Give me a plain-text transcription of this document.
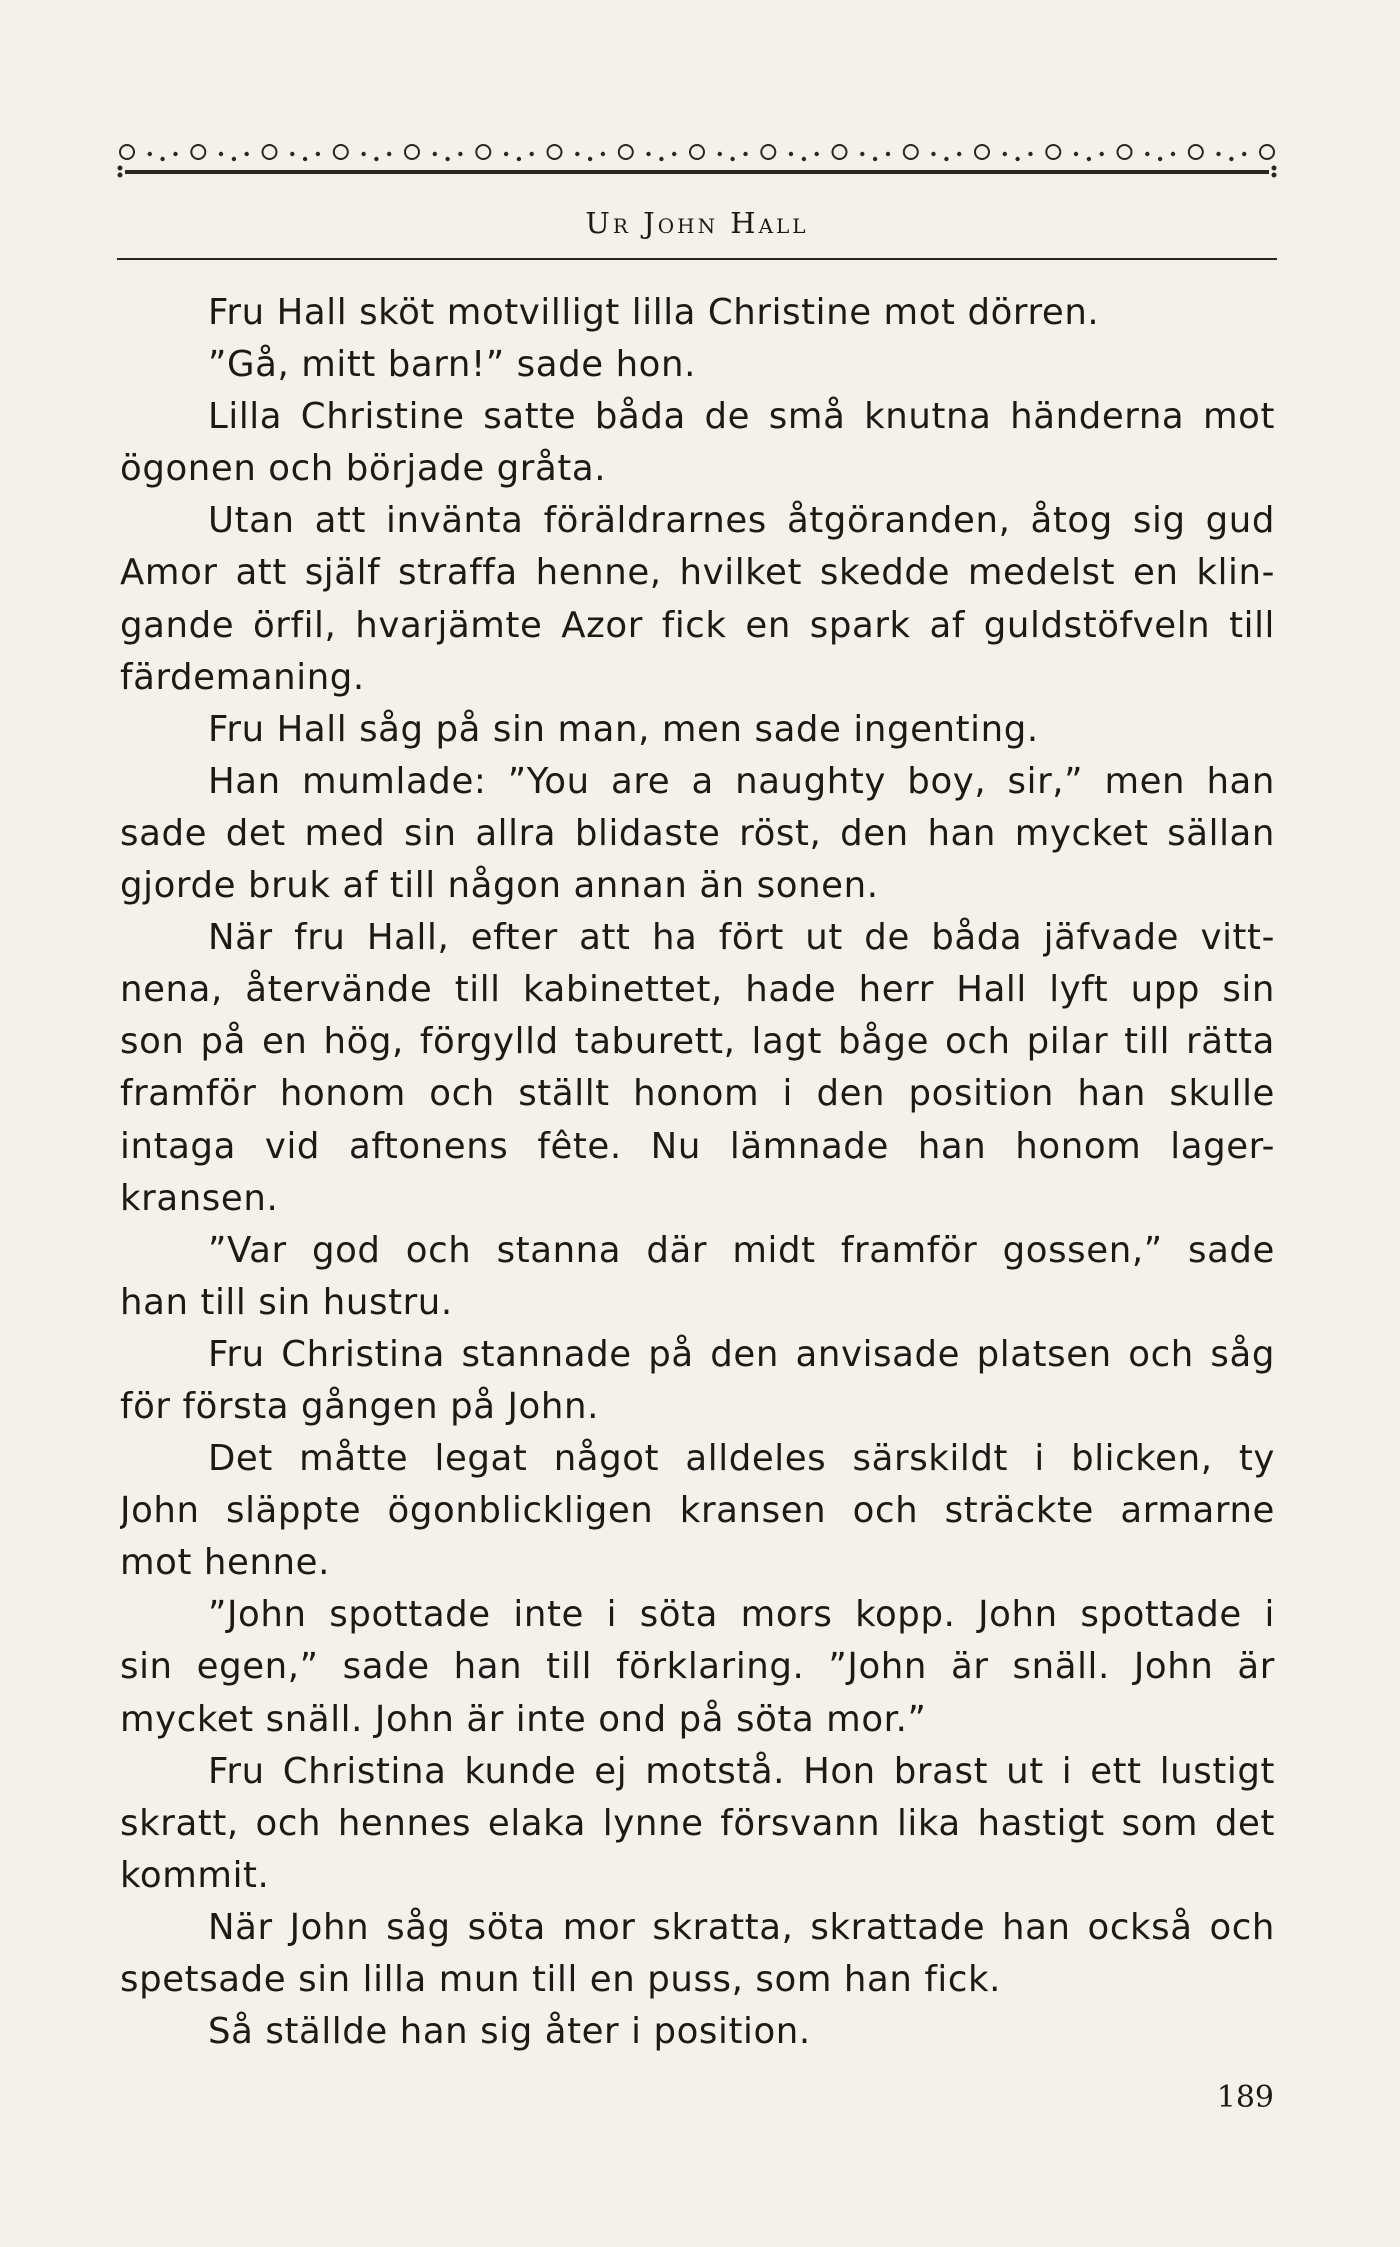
Ur John Hall
Fru Hall sköt motvilligt lilla Christine mot dörren.
”Gå, mitt barn!” sade hon.
Lilla Christine satte båda de små knutna händerna mot
ögonen och började gråta.
Utan att invänta föräldrarnes åtgöranden, åtog sig gud
Amor att själf straffa henne, hvilket skedde medelst en klin-
gande örfil, hvarjämte Azor fick en spark af guldstöfveln till
färdemaning.
Fru Hall såg på sin man, men sade ingenting.
Han mumlade: ”You are a naughty boy, sir,” men han
sade det med sin allra blidaste röst, den han mycket sällan
gjorde bruk af till någon annan än sonen.
När fru Hall, efter att ha fört ut de båda jäfvade vitt-
nena, återvände till kabinettet, hade herr Hall lyft upp sin
son på en hög, förgylld taburett, lagt båge och pilar till rätta
framför honom och ställt honom i den position han skulle
intaga vid aftonens fête. Nu lämnade han honom lager-
kransen.
”Var god och stanna där midt framför gossen,” sade
han till sin hustru.
Fru Christina stannade på den anvisade platsen och såg
för första gången på John.
Det måtte legat något alldeles särskildt i blicken, ty
John släppte ögonblickligen kransen och sträckte armarne
mot henne.
”John spottade inte i söta mors kopp. John spottade i
sin egen,” sade han till förklaring. ”John är snäll. John är
mycket snäll. John är inte ond på söta mor.”
Fru Christina kunde ej motstå. Hon brast ut i ett lustigt
skratt, och hennes elaka lynne försvann lika hastigt som det
kommit.
När John såg söta mor skratta, skrattade han också och
spetsade sin lilla mun till en puss, som han fick.
Så ställde han sig åter i position.
189
